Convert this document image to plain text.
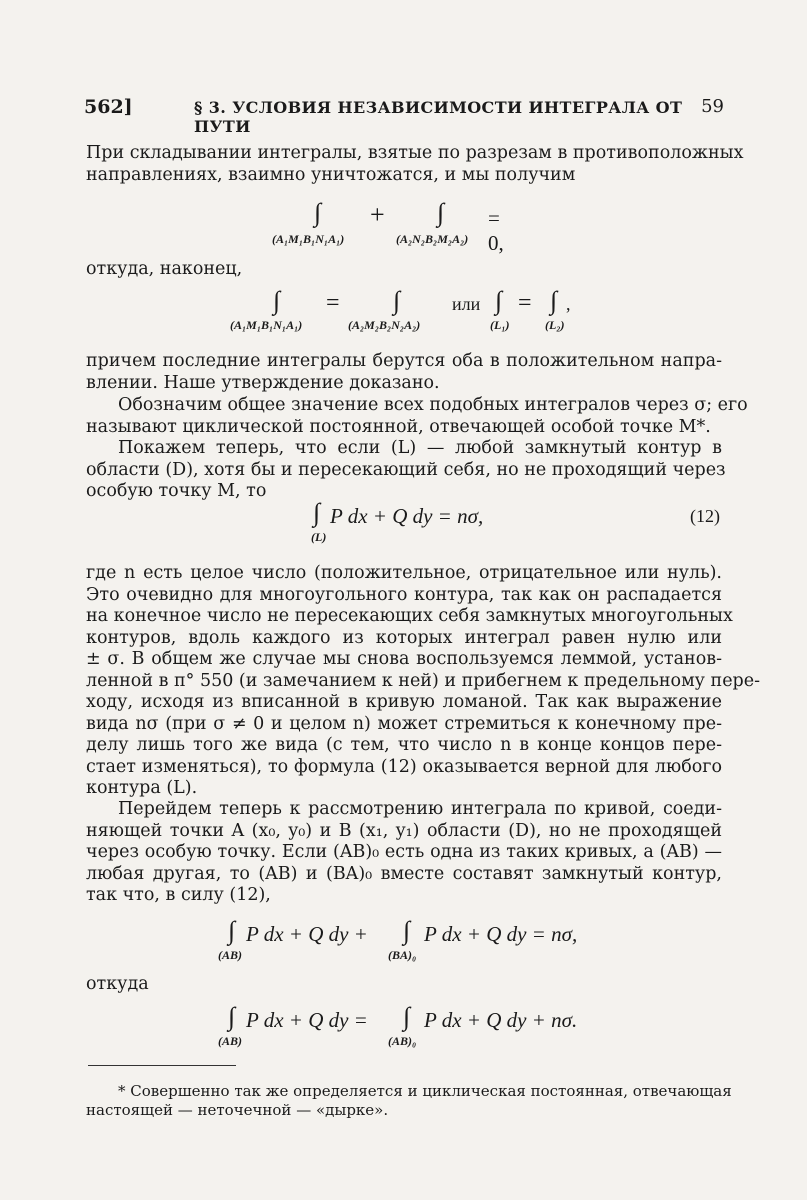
562]	§ 3. УСЛОВИЯ НЕЗАВИСИМОСТИ ИНТЕГРАЛА ОТ ПУТИ
59
При складывании интегралы, взятые по разрезам в противоположных
направлениях, взаимно уничтожатся, и мы получим
∫
(A₁M₁B₁N₁A₁)
+ ∫
(A₂N₂B₂M₂A₂)
= 0,
откуда, наконец,
∫
(A₁M₁B₁N₁A₁)
= ∫
(A₂M₂B₂N₂A₂)
или ∫
(L₁)
= ∫
(L₂)
,
причем последние интегралы берутся оба в положительном напра-
влении. Наше утверждение доказано.
Обозначим общее значение всех подобных интегралов через σ; его
называют циклической постоянной, отвечающей особой точке M*.
Покажем теперь, что если (L) — любой замкнутый контур в
области (D), хотя бы и пересекающий себя, но не проходящий через
особую точку M, то
∫
(L)
P dx + Q dy = nσ,	(12)
где n есть целое число (положительное, отрицательное или нуль).
Это очевидно для многоугольного контура, так как он распадается
на конечное число не пересекающих себя замкнутых многоугольных
контуров, вдоль каждого из которых интеграл равен нулю или
± σ. В общем же случае мы снова воспользуемся леммой, установ-
ленной в п° 550 (и замечанием к ней) и прибегнем к предельному пере-
ходу, исходя из вписанной в кривую ломаной. Так как выражение
вида nσ (при σ ≠ 0 и целом n) может стремиться к конечному пре-
делу лишь того же вида (с тем, что число n в конце концов пере-
стает изменяться), то формула (12) оказывается верной для любого
контура (L).
Перейдем теперь к рассмотрению интеграла по кривой, соеди-
няющей точки A (x₀, y₀) и B (x₁, y₁) области (D), но не проходящей
через особую точку. Если (AB)₀ есть одна из таких кривых, а (AB) —
любая другая, то (AB) и (BA)₀ вместе составят замкнутый контур,
так что, в силу (12),
∫
(AB)
P dx + Q dy + ∫
(BA)₀
P dx + Q dy = nσ,
откуда
∫
(AB)
P dx + Q dy = ∫
(AB)₀
P dx + Q dy + nσ.
* Совершенно так же определяется и циклическая постоянная, отвечающая
настоящей — неточечной — «дырке».
